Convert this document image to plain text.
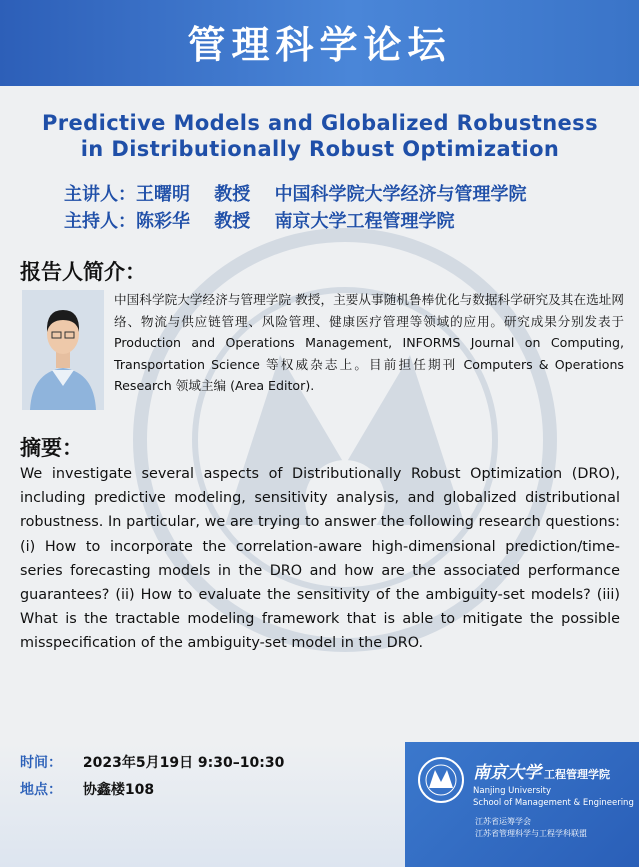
管理科学论坛
Predictive Models and Globalized Robustness
in Distributionally Robust Optimization
主讲人：王曙明 教授 中国科学院大学经济与管理学院
主持人：陈彩华 教授 南京大学工程管理学院
报告人简介：
中国科学院大学经济与管理学院 教授，主要从事随机鲁棒优化与数据科学研究及其在选址网络、物流与供应链管理、风险管理、健康医疗管理等领域的应用。研究成果分别发表于 Production and Operations Management, INFORMS Journal on Computing, Transportation Science 等权威杂志上。目前担任期刊 Computers & Operations Research 领域主编 (Area Editor).
摘要：
We investigate several aspects of Distributionally Robust Optimization (DRO), including predictive modeling, sensitivity analysis, and globalized distributional robustness. In particular, we are trying to answer the following research questions: (i) How to incorporate the correlation-aware high-dimensional prediction/time-series forecasting models in the DRO and how are the associated performance guarantees? (ii) How to evaluate the sensitivity of the ambiguity-set models? (iii) What is the tractable modeling framework that is able to mitigate the possible misspecification of the ambiguity-set model in the DRO.
时间： 2023年5月19日 9:30–10:30
地点： 协鑫楼108
南京大学 工程管理学院
Nanjing University
School of Management & Engineering
江苏省运筹学会
江苏省管理科学与工程学科联盟
